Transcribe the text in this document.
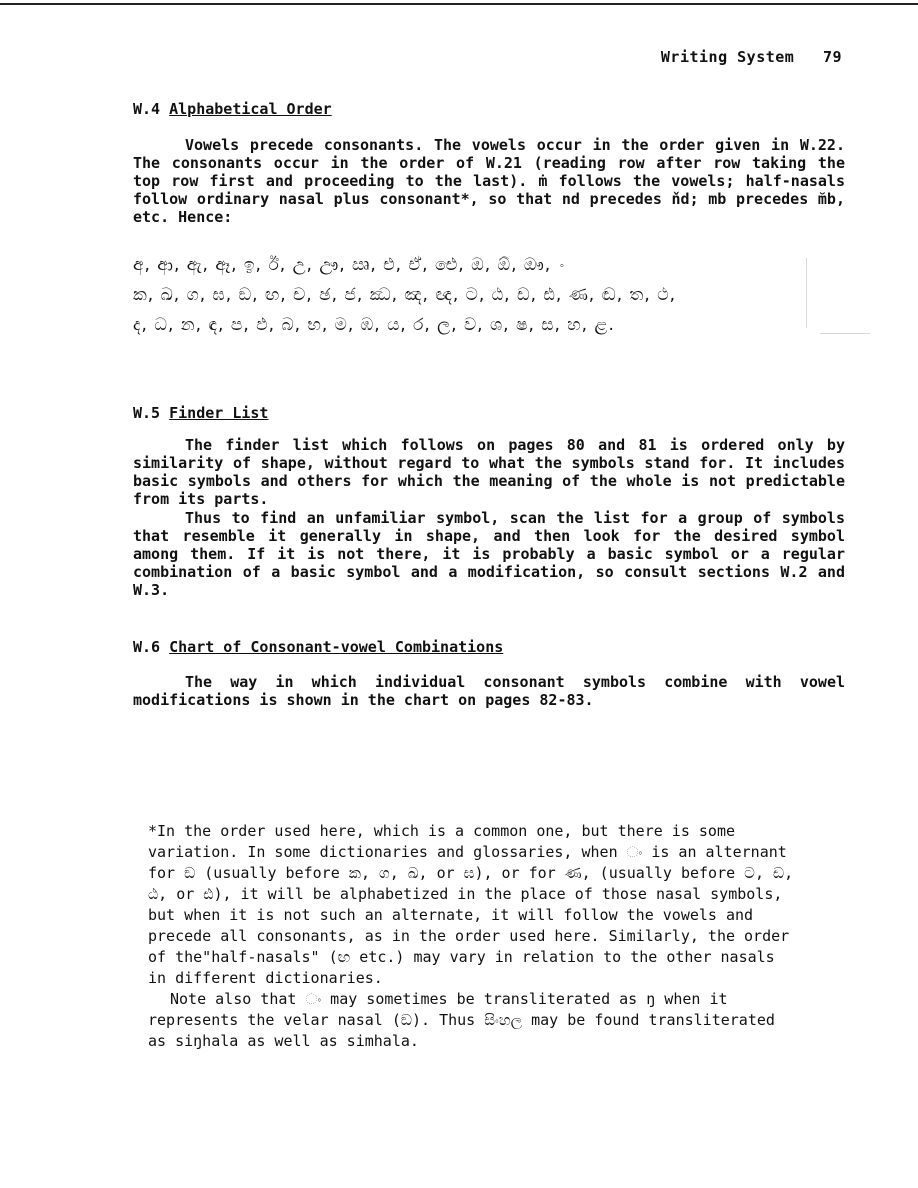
Writing System 79
W.4 Alphabetical Order

Vowels precede consonants. The vowels occur in the order given in W.22. The consonants occur in the order of W.21 (reading row after row taking the top row first and proceeding to the last). ṁ follows the vowels; half-nasals follow ordinary nasal plus consonant*, so that nd precedes ňd; mb precedes m̆b, etc. Hence:

අ, ආ, ඇ, ඈ, ඉ, ඊ, උ, ඌ, ඍ, එ, ඒ, ඓ, ඔ, ඕ, ඖ, ං
ක, ඛ, ග, ඝ, ඞ, ඟ, ච, ඡ, ජ, ඣ, ඤ, ඥ, ට, ඨ, ඩ, ඪ, ණ, ඬ, ත, ථ,
ද, ධ, න, ඳ, ප, ඵ, බ, භ, ම, ඹ, ය, ර, ල, ව, ශ, ෂ, ස, හ, ළ.
W.5 Finder List

The finder list which follows on pages 80 and 81 is ordered only by similarity of shape, without regard to what the symbols stand for. It includes basic symbols and others for which the meaning of the whole is not predictable from its parts.

Thus to find an unfamiliar symbol, scan the list for a group of symbols that resemble it generally in shape, and then look for the desired symbol among them. If it is not there, it is probably a basic symbol or a regular combination of a basic symbol and a modification, so consult sections W.2 and W.3.

W.6 Chart of Consonant-vowel Combinations

The way in which individual consonant symbols combine with vowel modifications is shown in the chart on pages 82-83.

*In the order used here, which is a common one, but there is some variation. In some dictionaries and glossaries, when ං is an alternant for ඞ (usually before ක, ග, ඛ, or ඝ), or for ණ, (usually before ට, ඩ, ඨ, or ඪ), it will be alphabetized in the place of those nasal symbols, but when it is not such an alternate, it will follow the vowels and precede all consonants, as in the order used here. Similarly, the order of the"half-nasals" (ඟ etc.) may vary in relation to the other nasals in different dictionaries.

Note also that ං may sometimes be transliterated as ŋ when it represents the velar nasal (ඞ). Thus සිංහල may be found transliterated as siŋhala as well as simhala.
